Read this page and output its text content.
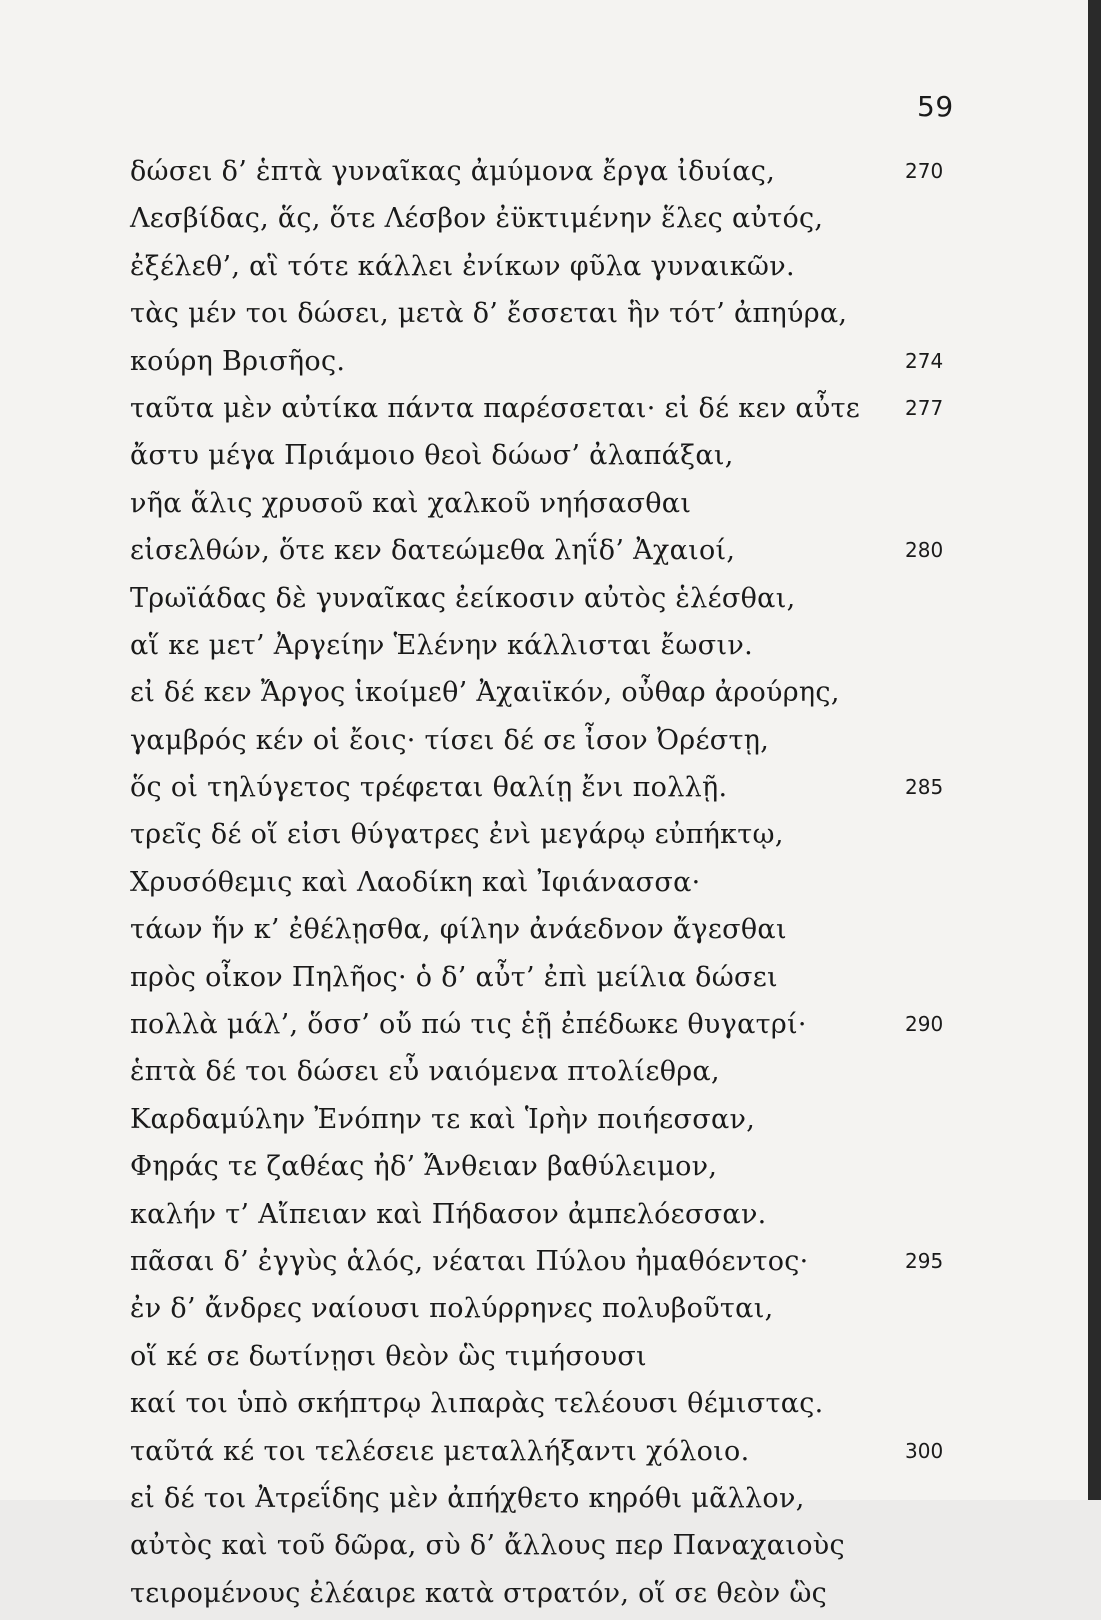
59
δώσει δ’ ἑπτὰ γυναῖκας ἀμύμονα ἔργα ἰδυίας,	270
Λεσβίδας, ἅς, ὅτε Λέσβον ἐϋκτιμένην ἕλες αὐτός,
ἐξέλεθ’, αἳ τότε κάλλει ἐνίκων φῦλα γυναικῶν.
τὰς μέν τοι δώσει, μετὰ δ’ ἔσσεται ἣν τότ’ ἀπηύρα,
κούρη Βρισῆος.	274
ταῦτα μὲν αὐτίκα πάντα παρέσσεται· εἰ δέ κεν αὖτε 277
ἄστυ μέγα Πριάμοιο θεοὶ δώωσ’ ἀλαπάξαι,
νῆα ἅλις χρυσοῦ καὶ χαλκοῦ νηήσασθαι
εἰσελθών, ὅτε κεν δατεώμεθα ληΐδ’ Ἀχαιοί,	280
Τρωϊάδας δὲ γυναῖκας ἐείκοσιν αὐτὸς ἑλέσθαι,
αἵ κε μετ’ Ἀργείην Ἑλένην κάλλισται ἔωσιν.
εἰ δέ κεν Ἄργος ἱκοίμεθ’ Ἀχαιϊκόν, οὖθαρ ἀρούρης,
γαμβρός κέν οἱ ἔοις· τίσει δέ σε ἶσον Ὀρέστῃ,
ὅς οἱ τηλύγετος τρέφεται θαλίῃ ἔνι πολλῇ.	285
τρεῖς δέ οἵ εἰσι θύγατρες ἐνὶ μεγάρῳ εὐπήκτῳ,
Χρυσόθεμις καὶ Λαοδίκη καὶ Ἰφιάνασσα·
τάων ἥν κ’ ἐθέλῃσθα, φίλην ἀνάεδνον ἄγεσθαι
πρὸς οἶκον Πηλῆος· ὁ δ’ αὖτ’ ἐπὶ μείλια δώσει
πολλὰ μάλ’, ὅσσ’ οὔ πώ τις ἑῇ ἐπέδωκε θυγατρί·	290
ἑπτὰ δέ τοι δώσει εὖ ναιόμενα πτολίεθρα,
Καρδαμύλην Ἐνόπην τε καὶ Ἱρὴν ποιήεσσαν,
Φηράς τε ζαθέας ἠδ’ Ἄνθειαν βαθύλειμον,
καλήν τ’ Αἴπειαν καὶ Πήδασον ἀμπελόεσσαν.
πᾶσαι δ’ ἐγγὺς ἁλός, νέαται Πύλου ἠμαθόεντος·	295
ἐν δ’ ἄνδρες ναίουσι πολύρρηνες πολυβοῦται,
οἵ κέ σε δωτίνῃσι θεὸν ὣς τιμήσουσι
καί τοι ὑπὸ σκήπτρῳ λιπαρὰς τελέουσι θέμιστας.
ταῦτά κέ τοι τελέσειε μεταλλήξαντι χόλοιο.	300
εἰ δέ τοι Ἀτρεΐδης μὲν ἀπήχθετο κηρόθι μᾶλλον,
αὐτὸς καὶ τοῦ δῶρα, σὺ δ’ ἄλλους περ Παναχαιοὺς
τειρομένους ἐλέαιρε κατὰ στρατόν, οἵ σε θεὸν ὣς
